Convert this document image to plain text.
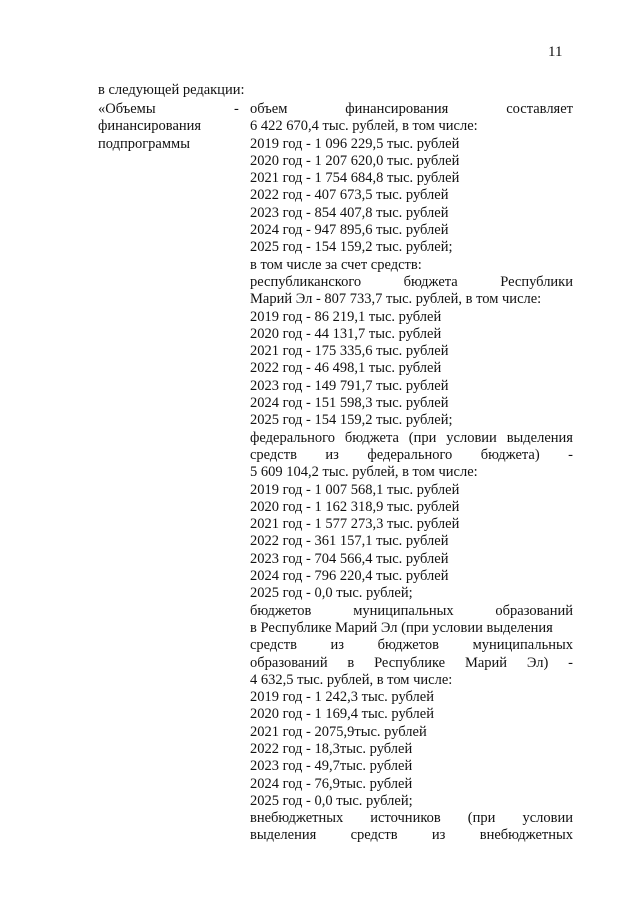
11
в следующей редакции:
«Объемы
финансирования
подпрограммы
- объем	финансирования	составляет
6 422 670,4 тыс. рублей, в том числе:
2019 год - 1 096 229,5 тыс. рублей
2020 год - 1 207 620,0 тыс. рублей
2021 год - 1 754 684,8 тыс. рублей
2022 год - 407 673,5 тыс. рублей
2023 год - 854 407,8 тыс. рублей
2024 год - 947 895,6 тыс. рублей
2025 год - 154 159,2 тыс. рублей;
в том числе за счет средств:
республиканского	бюджета	Республики
Марий Эл - 807 733,7 тыс. рублей, в том числе:
2019 год - 86 219,1 тыс. рублей
2020 год - 44 131,7 тыс. рублей
2021 год - 175 335,6 тыс. рублей
2022 год - 46 498,1 тыс. рублей
2023 год - 149 791,7 тыс. рублей
2024 год - 151 598,3 тыс. рублей
2025 год - 154 159,2 тыс. рублей;
федерального бюджета (при условии выделения
средств из федерального бюджета) -
5 609 104,2 тыс. рублей, в том числе:
2019 год - 1 007 568,1 тыс. рублей
2020 год - 1 162 318,9 тыс. рублей
2021 год - 1 577 273,3 тыс. рублей
2022 год - 361 157,1 тыс. рублей
2023 год - 704 566,4 тыс. рублей
2024 год - 796 220,4 тыс. рублей
2025 год - 0,0 тыс. рублей;
бюджетов	муниципальных	образований
в Республике Марий Эл (при условии выделения
средств из бюджетов муниципальных
образований в Республике Марий Эл) -
4 632,5 тыс. рублей, в том числе:
2019 год - 1 242,3 тыс. рублей
2020 год - 1 169,4 тыс. рублей
2021 год - 2075,9тыс. рублей
2022 год - 18,3тыс. рублей
2023 год - 49,7тыс. рублей
2024 год - 76,9тыс. рублей
2025 год - 0,0 тыс. рублей;
внебюджетных источников (при условии
выделения средств из внебюджетных
